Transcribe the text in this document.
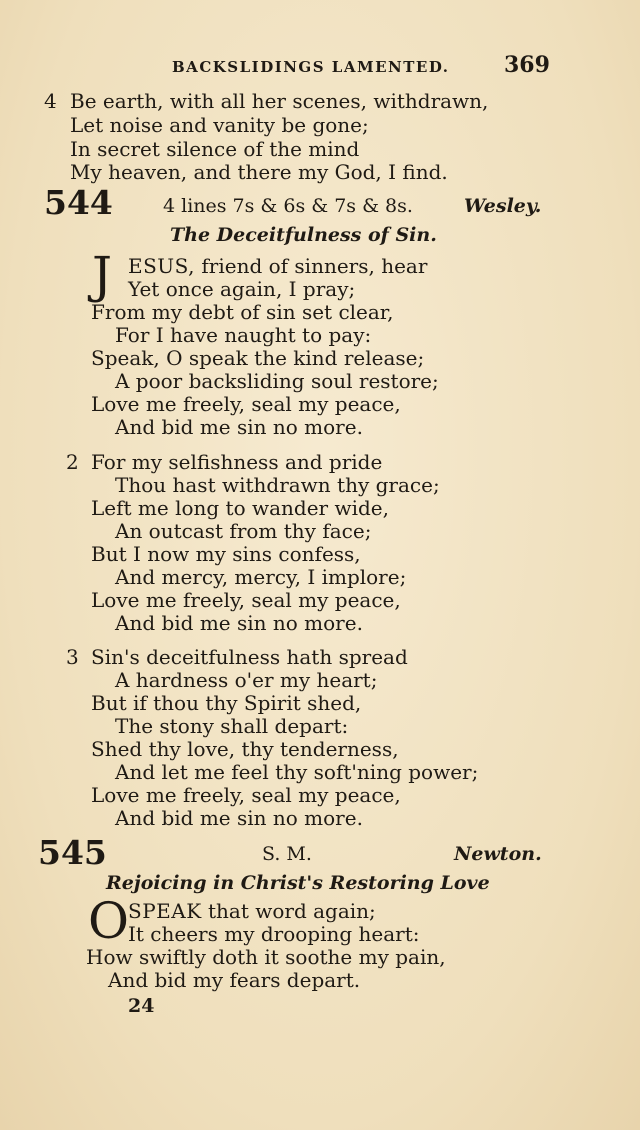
BACKSLIDINGS LAMENTED. 369
4 Be earth, with all her scenes, withdrawn,
Let noise and vanity be gone;
In secret silence of the mind
My heaven, and there my God, I find.
544	4 lines 7s & 6s & 7s & 8s.	Wesley.
The Deceitfulness of Sin.
J ESUS, friend of sinners, hear
Yet once again, I pray;
From my debt of sin set clear,
For I have naught to pay:
Speak, O speak the kind release;
A poor backsliding soul restore;
Love me freely, seal my peace,
And bid me sin no more.
2 For my selfishness and pride
Thou hast withdrawn thy grace;
Left me long to wander wide,
An outcast from thy face;
But I now my sins confess,
And mercy, mercy, I implore;
Love me freely, seal my peace,
And bid me sin no more.
3 Sin's deceitfulness hath spread
A hardness o'er my heart;
But if thou thy Spirit shed,
The stony shall depart:
Shed thy love, thy tenderness,
And let me feel thy soft'ning power;
Love me freely, seal my peace,
And bid me sin no more.
545	S. M.	Newton.
Rejoicing in Christ's Restoring Love
O SPEAK that word again;
It cheers my drooping heart:
How swiftly doth it soothe my pain,
And bid my fears depart.
24
